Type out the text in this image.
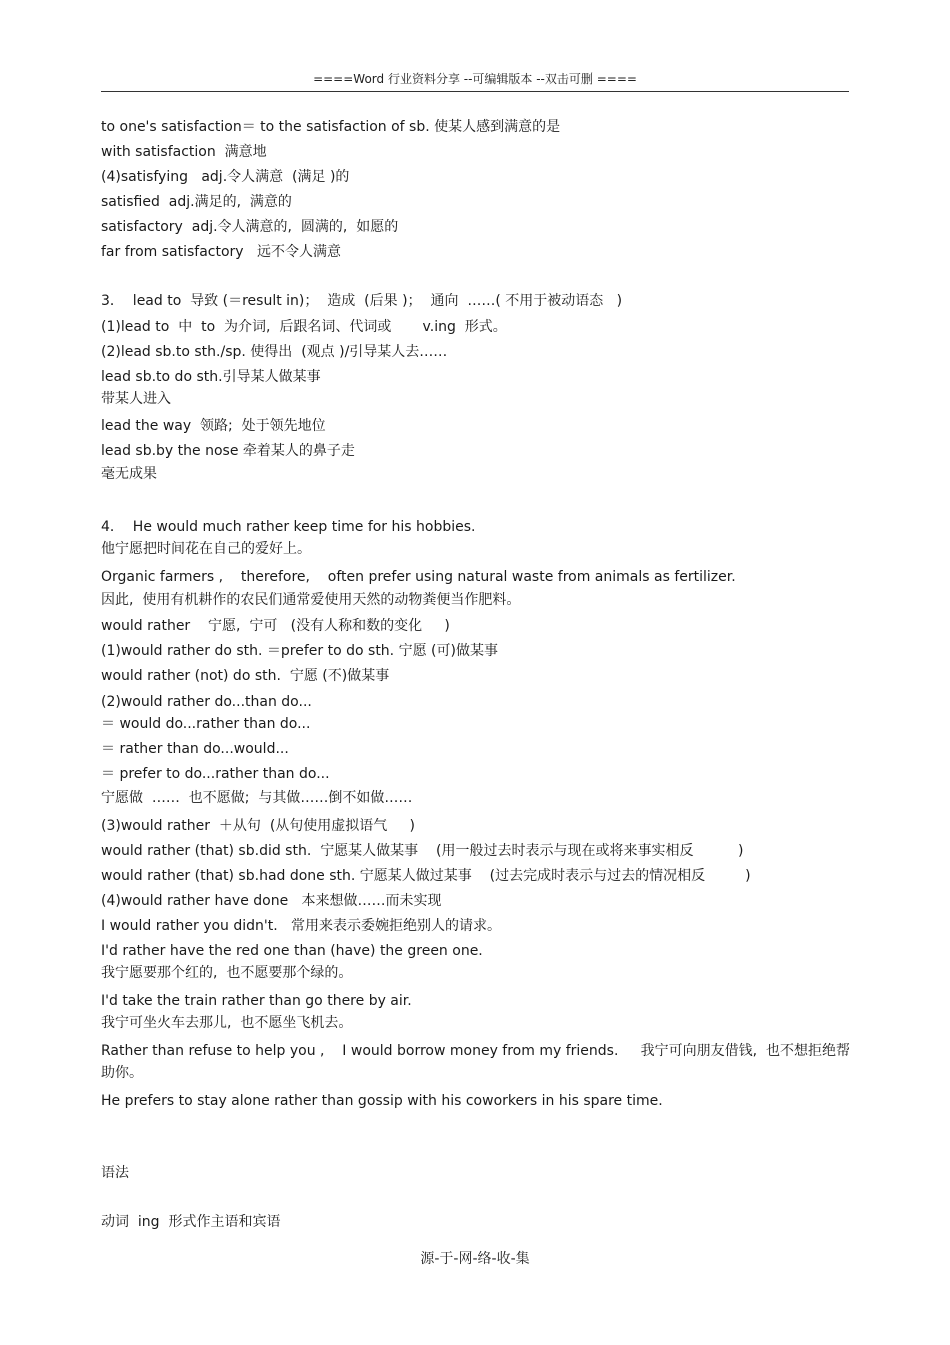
====Word 行业资料分享 --可编辑版本 --双击可删 ====
to one's satisfaction＝ to the satisfaction of sb. 使某人感到满意的是
with satisfaction  满意地
(4)satisfying   adj.令人满意  (满足 )的
satisfied  adj.满足的,  满意的
satisfactory  adj.令人满意的,  圆满的,  如愿的
far from satisfactory   远不令人满意
3．  lead to  导致 (＝result in)；  造成  (后果 )；  通向  ……( 不用于被动语态   )
(1)lead to  中  to  为介词,  后跟名词、代词或       v.ing  形式。
(2)lead sb.to sth./sp. 使得出  (观点 )/引导某人去……
lead sb.to do sth.引导某人做某事
带某人进入
lead the way  领路;  处于领先地位
lead sb.by the nose 牵着某人的鼻子走
毫无成果
4．  He would much rather keep time for his hobbies.
他宁愿把时间花在自己的爱好上。
Organic farmers ,    therefore,    often prefer using natural waste from animals as fertilizer.
因此,  使用有机耕作的农民们通常爱使用天然的动物粪便当作肥料。
would rather    宁愿,  宁可   (没有人称和数的变化     )
(1)would rather do sth. ＝prefer to do sth. 宁愿 (可)做某事
would rather (not) do sth.  宁愿 (不)做某事
(2)would rather do...than do...
＝ would do...rather than do...
＝ rather than do...would...
＝ prefer to do...rather than do...
宁愿做  ……  也不愿做;  与其做……倒不如做……
(3)would rather  ＋从句  (从句使用虚拟语气     )
would rather (that) sb.did sth.  宁愿某人做某事    (用一般过去时表示与现在或将来事实相反          )
would rather (that) sb.had done sth. 宁愿某人做过某事    (过去完成时表示与过去的情况相反         )
(4)would rather have done   本来想做……而未实现
I would rather you didn't.   常用来表示委婉拒绝别人的请求。
I'd rather have the red one than (have) the green one.
我宁愿要那个红的,  也不愿要那个绿的。
I'd take the train rather than go there by air.
我宁可坐火车去那儿,  也不愿坐飞机去。
Rather than refuse to help you ,    I would borrow money from my friends.     我宁可向朋友借钱,  也不想拒绝帮
助你。
He prefers to stay alone rather than gossip with his coworkers in his spare time.
语法
动词  ing  形式作主语和宾语
源-于-网-络-收-集
